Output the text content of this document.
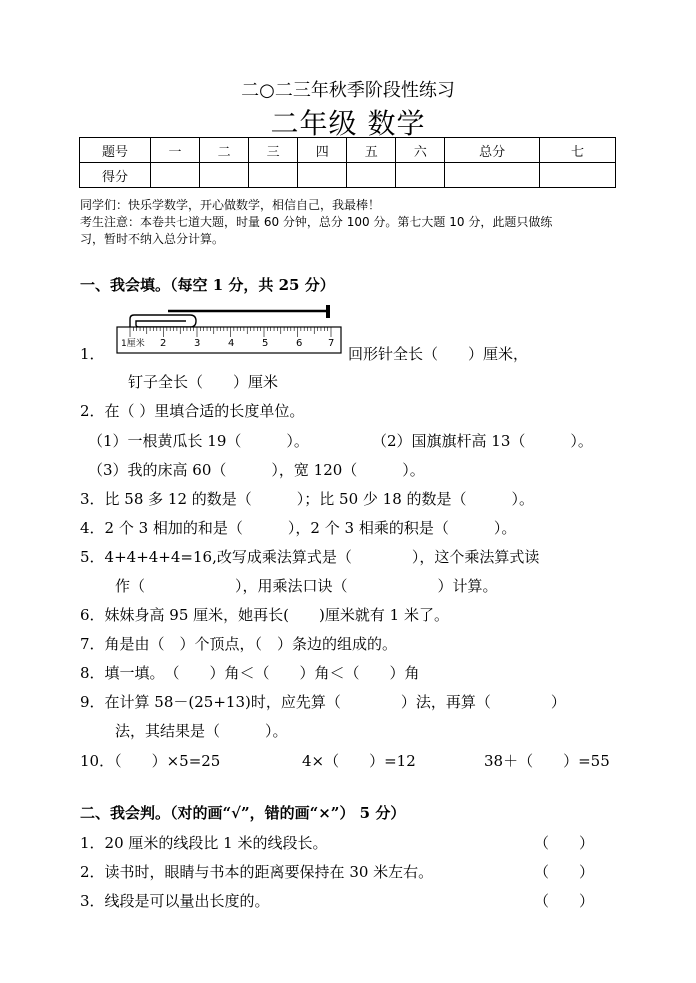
二○二三年秋季阶段性练习
二年级 数学
题号	一	二	三	四	五	六	总分	七
得分								
同学们：快乐学数学，开心做数学，相信自己，我最棒！
考生注意：本卷共七道大题，时量 60 分钟，总分 100 分。第七大题 10 分，此题只做练
习，暂时不纳入总分计算。
一、我会填。（每空 1 分，共 25 分）
1厘米 2	3	4	5	6	7
1．	回形针全长（　　）厘米，
钉子全长（　　）厘米
2．在（ ）里填合适的长度单位。
（1）一根黄瓜长 19（　　　）。	（2）国旗旗杆高 13（　　　）。
（3）我的床高 60（　　　），宽 120（　　　）。
3．比 58 多 12 的数是（　　　）；比 50 少 18 的数是（　　　）。
4．2 个 3 相加的和是（　　　），2 个 3 相乘的积是（　　　）。
5．4+4+4+4=16,改写成乘法算式是（　　　　），这个乘法算式读
作（　　　　　　），用乘法口诀（　　　　　　）计算。
6．妹妹身高 95 厘米，她再长(　　)厘米就有 1 米了。
7．角是由（　）个顶点，（　）条边的组成的。
8．填一填。　（　　）角＜（　　）角＜（　　）角
9．在计算 58－(25+13)时，应先算（　　　　）法，再算（　　　　）
法，其结果是（　　　）。
10．（　　）×5=25	4×（　　）=12	38＋（　　）=55
二、我会判。（对的画“√”，错的画“×”） 5 分）
1．20 厘米的线段比 1 米的线段长。	（　　）
2．读书时，眼睛与书本的距离要保持在 30 米左右。	（　　）
3．线段是可以量出长度的。	（　　）
